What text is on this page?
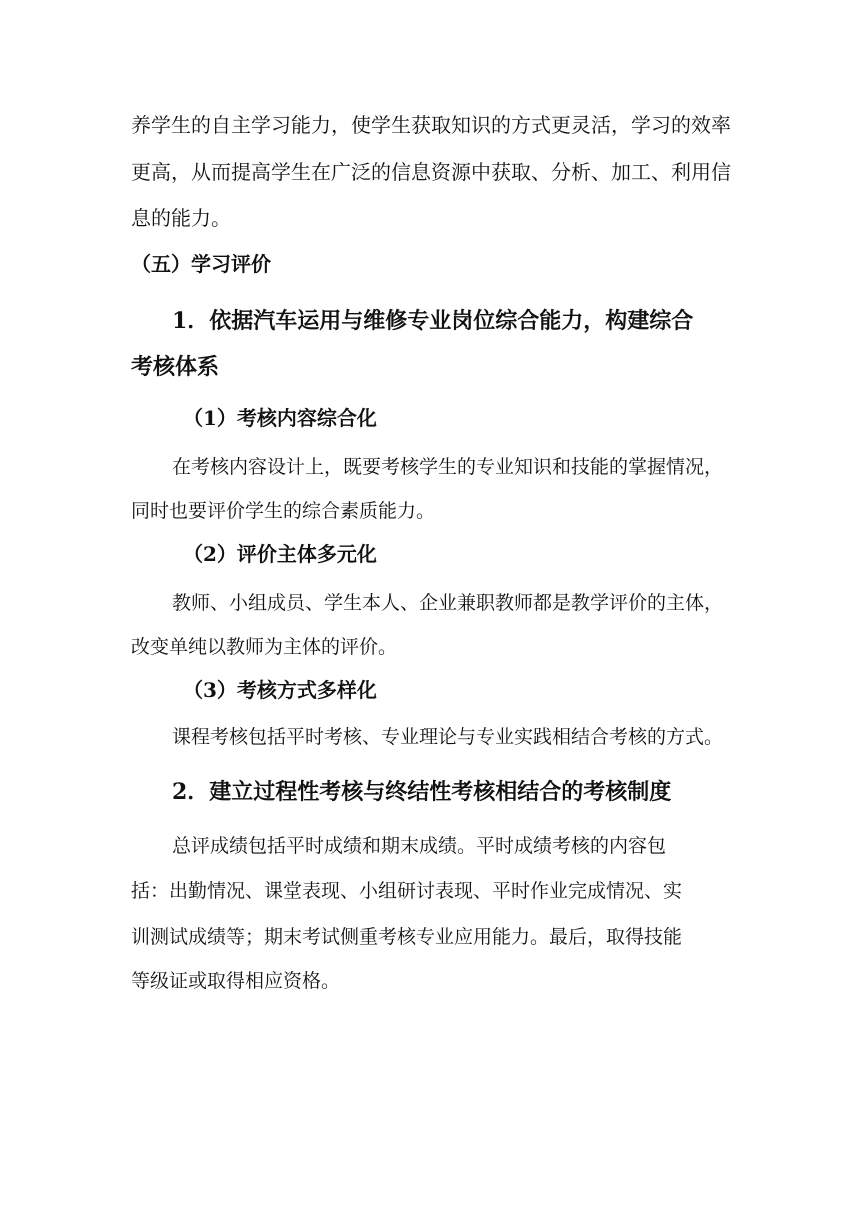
养学生的自主学习能力，使学生获取知识的方式更灵活，学习的效率
更高，从而提高学生在广泛的信息资源中获取、分析、加工、利用信
息的能力。
（五）学习评价
1．依据汽车运用与维修专业岗位综合能力，构建综合
考核体系
（1）考核内容综合化
在考核内容设计上，既要考核学生的专业知识和技能的掌握情况，
同时也要评价学生的综合素质能力。
（2）评价主体多元化
教师、小组成员、学生本人、企业兼职教师都是教学评价的主体，
改变单纯以教师为主体的评价。
（3）考核方式多样化
课程考核包括平时考核、专业理论与专业实践相结合考核的方式。
2．建立过程性考核与终结性考核相结合的考核制度
总评成绩包括平时成绩和期末成绩。平时成绩考核的内容包
括：出勤情况、课堂表现、小组研讨表现、平时作业完成情况、实
训测试成绩等；期末考试侧重考核专业应用能力。最后，取得技能
等级证或取得相应资格。
